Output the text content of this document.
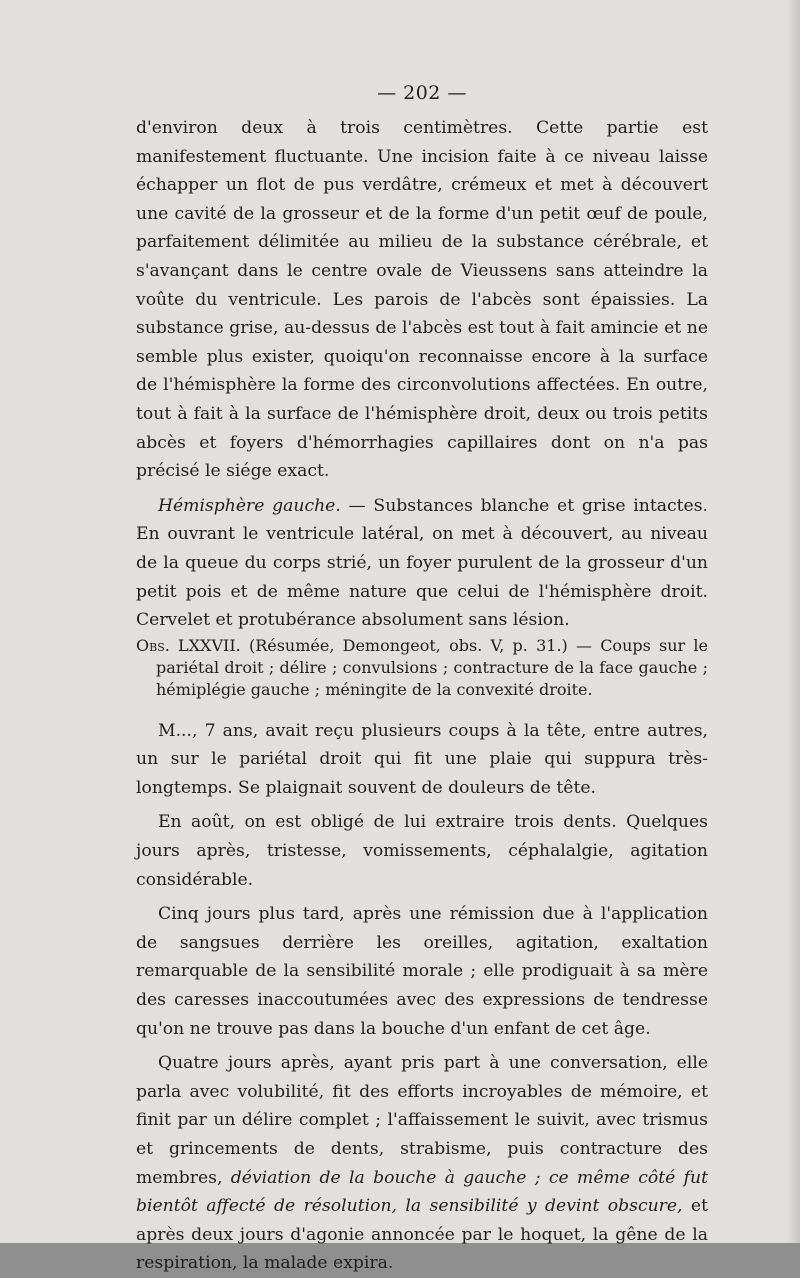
— 202 —

d'environ deux à trois centimètres. Cette partie est manifestement fluctuante. Une incision faite à ce niveau laisse échapper un flot de pus verdâtre, crémeux et met à découvert une cavité de la grosseur et de la forme d'un petit œuf de poule, parfaitement délimitée au milieu de la substance cérébrale, et s'avançant dans le centre ovale de Vieussens sans atteindre la voûte du ventricule. Les parois de l'abcès sont épaissies. La substance grise, au-dessus de l'abcès est tout à fait amincie et ne semble plus exister, quoiqu'on reconnaisse encore à la surface de l'hémisphère la forme des circonvolutions affectées. En outre, tout à fait à la surface de l'hémisphère droit, deux ou trois petits abcès et foyers d'hémorrhagies capillaires dont on n'a pas précisé le siége exact.

Hémisphère gauche. — Substances blanche et grise intactes. En ouvrant le ventricule latéral, on met à découvert, au niveau de la queue du corps strié, un foyer purulent de la grosseur d'un petit pois et de même nature que celui de l'hémisphère droit. Cervelet et protubérance absolument sans lésion.

Obs. LXXVII. (Résumée, Demongeot, obs. V, p. 31.) — Coups sur le pariétal droit ; délire ; convulsions ; contracture de la face gauche ; hémiplégie gauche ; méningite de la convexité droite.

M..., 7 ans, avait reçu plusieurs coups à la tête, entre autres, un sur le pariétal droit qui fit une plaie qui suppura très-longtemps. Se plaignait souvent de douleurs de tête.

En août, on est obligé de lui extraire trois dents. Quelques jours après, tristesse, vomissements, céphalalgie, agitation considérable.

Cinq jours plus tard, après une rémission due à l'application de sangsues derrière les oreilles, agitation, exaltation remarquable de la sensibilité morale ; elle prodiguait à sa mère des caresses inaccoutumées avec des expressions de tendresse qu'on ne trouve pas dans la bouche d'un enfant de cet âge.

Quatre jours après, ayant pris part à une conversation, elle parla avec volubilité, fit des efforts incroyables de mémoire, et finit par un délire complet ; l'affaissement le suivit, avec trismus et grincements de dents, strabisme, puis contracture des membres, déviation de la bouche à gauche ; ce même côté fut bientôt affecté de résolution, la sensibilité y devint obscure, et après deux jours d'agonie annoncée par le hoquet, la gêne de la respiration, la malade expira.
